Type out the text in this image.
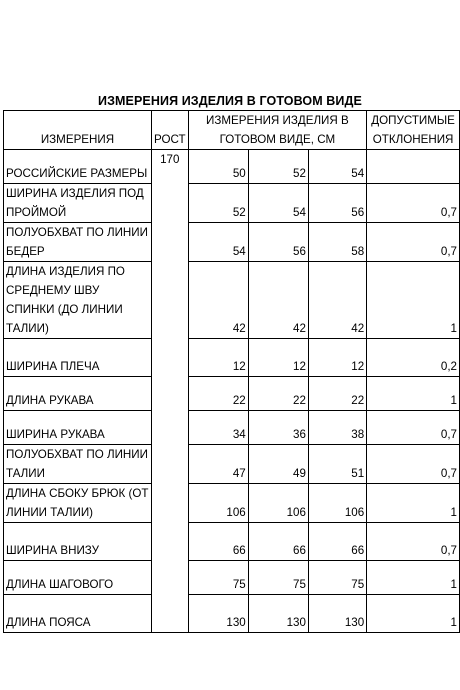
ИЗМЕРЕНИЯ ИЗДЕЛИЯ В ГОТОВОМ ВИДЕ
ИЗМЕРЕНИЯ	РОСТ	ИЗМЕРЕНИЯ ИЗДЕЛИЯ В
ГОТОВОМ ВИДЕ, СМ			ДОПУСТИМЫЕ
ОТКЛОНЕНИЯ

РОССИЙСКИЕ РАЗМЕРЫ	170	50	52	54	

ШИРИНА ИЗДЕЛИЯ ПОД
ПРОЙМОЙ		52	54	56	0,7

ПОЛУОБХВАТ ПО ЛИНИИ
БЕДЕР		54	56	58	0,7

ДЛИНА ИЗДЕЛИЯ ПО
СРЕДНЕМУ ШВУ
СПИНКИ (ДО ЛИНИИ
ТАЛИИ)		42	42	42	1

ШИРИНА ПЛЕЧА		12	12	12	0,2

ДЛИНА РУКАВА		22	22	22	1

ШИРИНА РУКАВА		34	36	38	0,7

ПОЛУОБХВАТ ПО ЛИНИИ
ТАЛИИ		47	49	51	0,7

ДЛИНА СБОКУ БРЮК (ОТ
ЛИНИИ ТАЛИИ)		106	106	106	1

ШИРИНА ВНИЗУ		66	66	66	0,7

ДЛИНА ШАГОВОГО		75	75	75	1

ДЛИНА ПОЯСА		130	130	130	1
